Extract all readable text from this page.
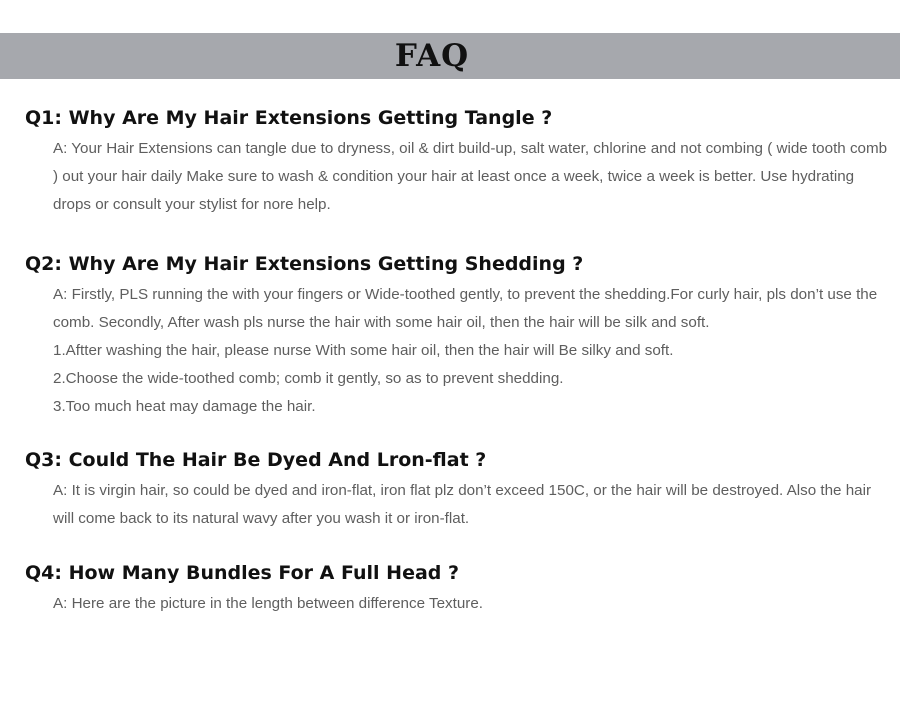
FAQ
Q1: Why Are My Hair Extensions Getting Tangle ?

A: Your Hair Extensions can tangle due to dryness, oil & dirt build-up, salt water, chlorine and not combing ( wide tooth comb ) out your hair daily Make sure to wash & condition your hair at least once a week, twice a week is better. Use hydrating drops or consult your stylist for nore help.

Q2: Why Are My Hair Extensions Getting Shedding ?

A: Firstly, PLS running the with your fingers or Wide-toothed gently, to prevent the shedding.For curly hair, pls don’t use the comb. Secondly, After wash pls nurse the hair with some hair oil, then the hair will be silk and soft.

1.Aftter washing the hair, please nurse With some hair oil, then the hair will Be silky and soft.

2.Choose the wide-toothed comb; comb it gently, so as to prevent shedding.

3.Too much heat may damage the hair.

Q3: Could The Hair Be Dyed And Lron-flat ?

A: It is virgin hair, so could be dyed and iron-flat, iron flat plz don’t exceed 150C, or the hair will be destroyed. Also the hair will come back to its natural wavy after you wash it or iron-flat.

Q4: How Many Bundles For A Full Head ?

A: Here are the picture in the length between difference Texture.
